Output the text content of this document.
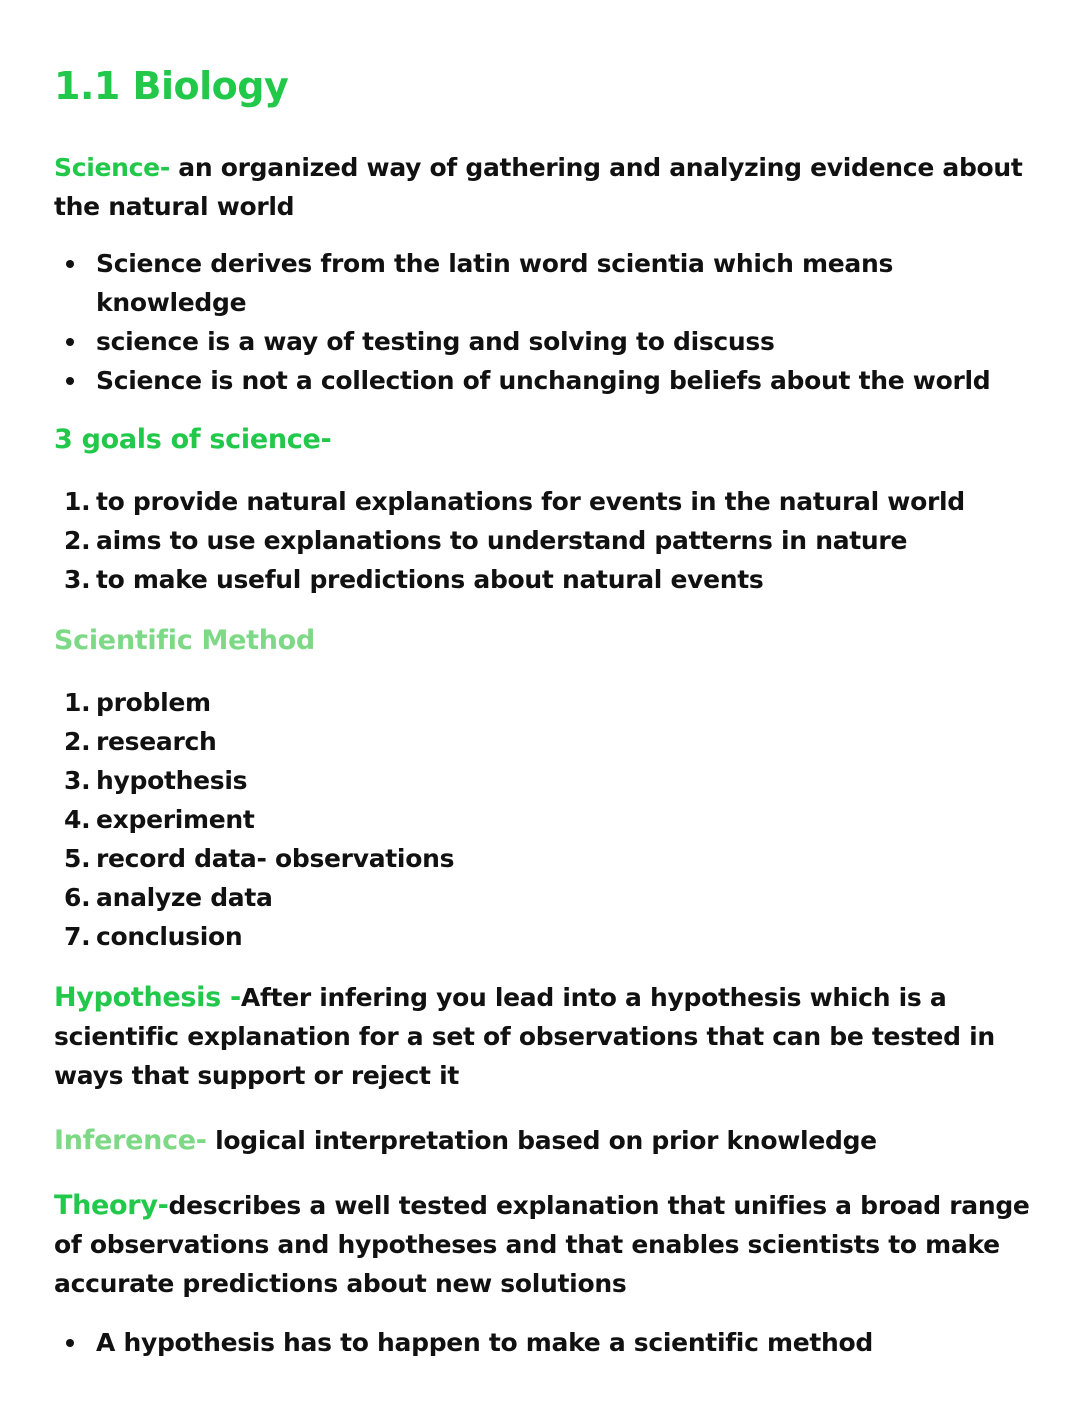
1.1 Biology

Science- an organized way of gathering and analyzing evidence about the natural world

Science derives from the latin word scientia which means knowledge
science is a way of testing and solving to discuss
Science is not a collection of unchanging beliefs about the world
3 goals of science-
1. to provide natural explanations for events in the natural world
2. aims to use explanations to understand patterns in nature
3. to make useful predictions about natural events
Scientific Method
1. problem
2. research
3. hypothesis
4. experiment
5. record data- observations
6. analyze data
7. conclusion

Hypothesis -After infering you lead into a hypothesis which is a scientific explanation for a set of observations that can be tested in ways that support or reject it

Inference- logical interpretation based on prior knowledge

Theory-describes a well tested explanation that unifies a broad range of observations and hypotheses and that enables scientists to make accurate predictions about new solutions

A hypothesis has to happen to make a scientific method
